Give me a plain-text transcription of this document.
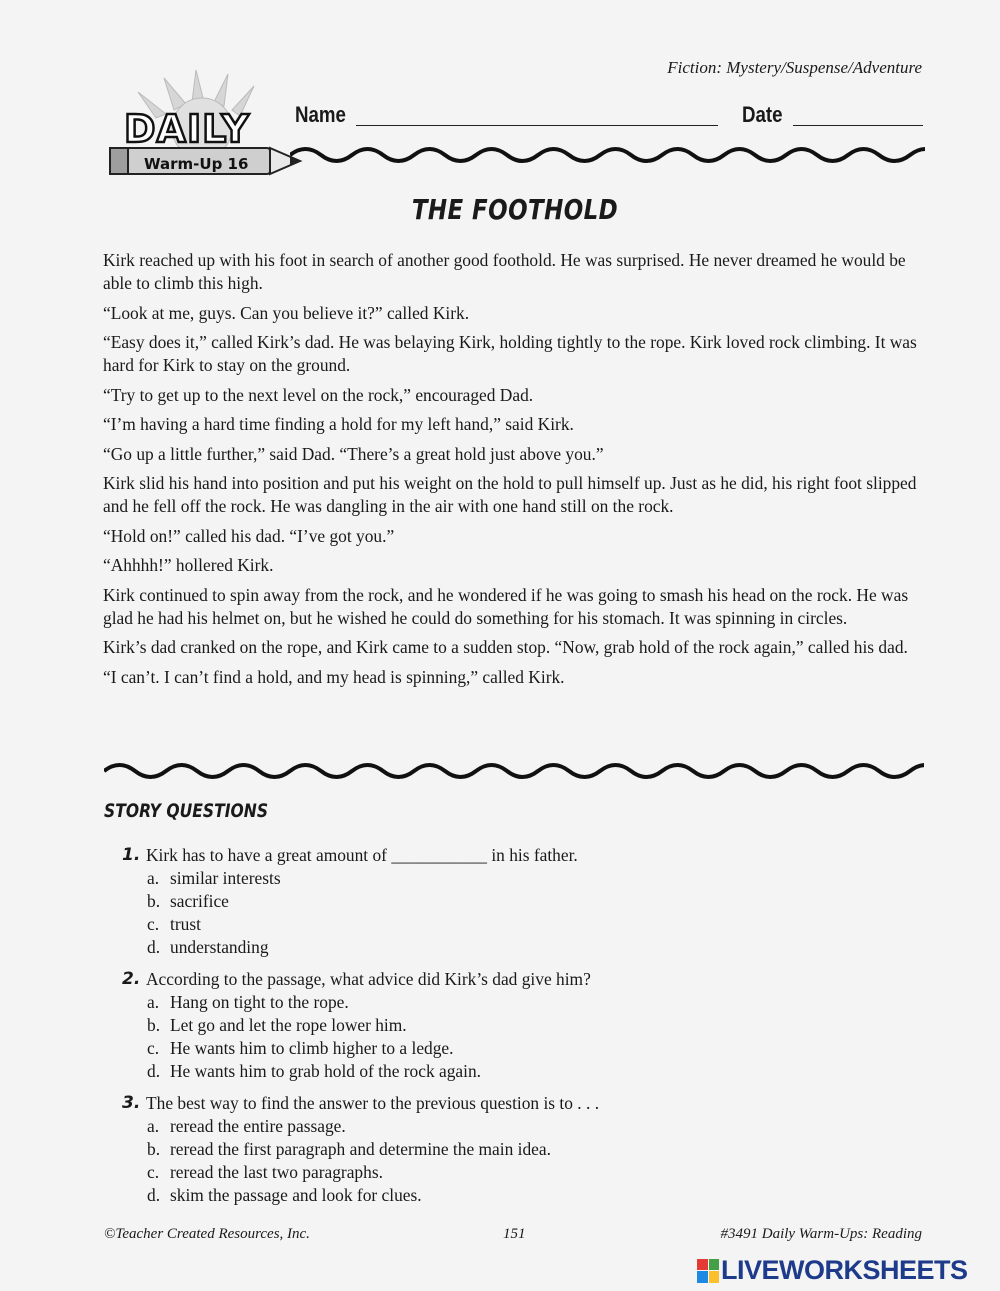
Fiction: Mystery/Suspense/Adventure
Warm-Up 16
DAILY Name	Date
THE FOOTHOLD

Kirk reached up with his foot in search of another good foothold. He was surprised. He never dreamed he would be able to climb this high.

“Look at me, guys. Can you believe it?” called Kirk.

“Easy does it,” called Kirk’s dad. He was belaying Kirk, holding tightly to the rope. Kirk loved rock climbing. It was hard for Kirk to stay on the ground.

“Try to get up to the next level on the rock,” encouraged Dad.

“I’m having a hard time finding a hold for my left hand,” said Kirk.

“Go up a little further,” said Dad. “There’s a great hold just above you.”

Kirk slid his hand into position and put his weight on the hold to pull himself up. Just as he did, his right foot slipped and he fell off the rock. He was dangling in the air with one hand still on the rock.

“Hold on!” called his dad. “I’ve got you.”

“Ahhhh!” hollered Kirk.

Kirk continued to spin away from the rock, and he wondered if he was going to smash his head on the rock. He was glad he had his helmet on, but he wished he could do something for his stomach. It was spinning in circles.

Kirk’s dad cranked on the rope, and Kirk came to a sudden stop. “Now, grab hold of the rock again,” called his dad.

“I can’t. I can’t find a hold, and my head is spinning,” called Kirk.

STORY QUESTIONS
1. Kirk has to have a great amount of ___________ in his father.
a. similar interests
b. sacrifice
c. trust
d. understanding
2. According to the passage, what advice did Kirk’s dad give him?
a. Hang on tight to the rope.
b. Let go and let the rope lower him.
c. He wants him to climb higher to a ledge.
d. He wants him to grab hold of the rock again.
3. The best way to find the answer to the previous question is to . . .
a. reread the entire passage.
b. reread the first paragraph and determine the main idea.
c. reread the last two paragraphs.
d. skim the passage and look for clues.
©Teacher Created Resources, Inc.	151	#3491 Daily Warm-Ups: Reading
LIVEWORKSHEETS
